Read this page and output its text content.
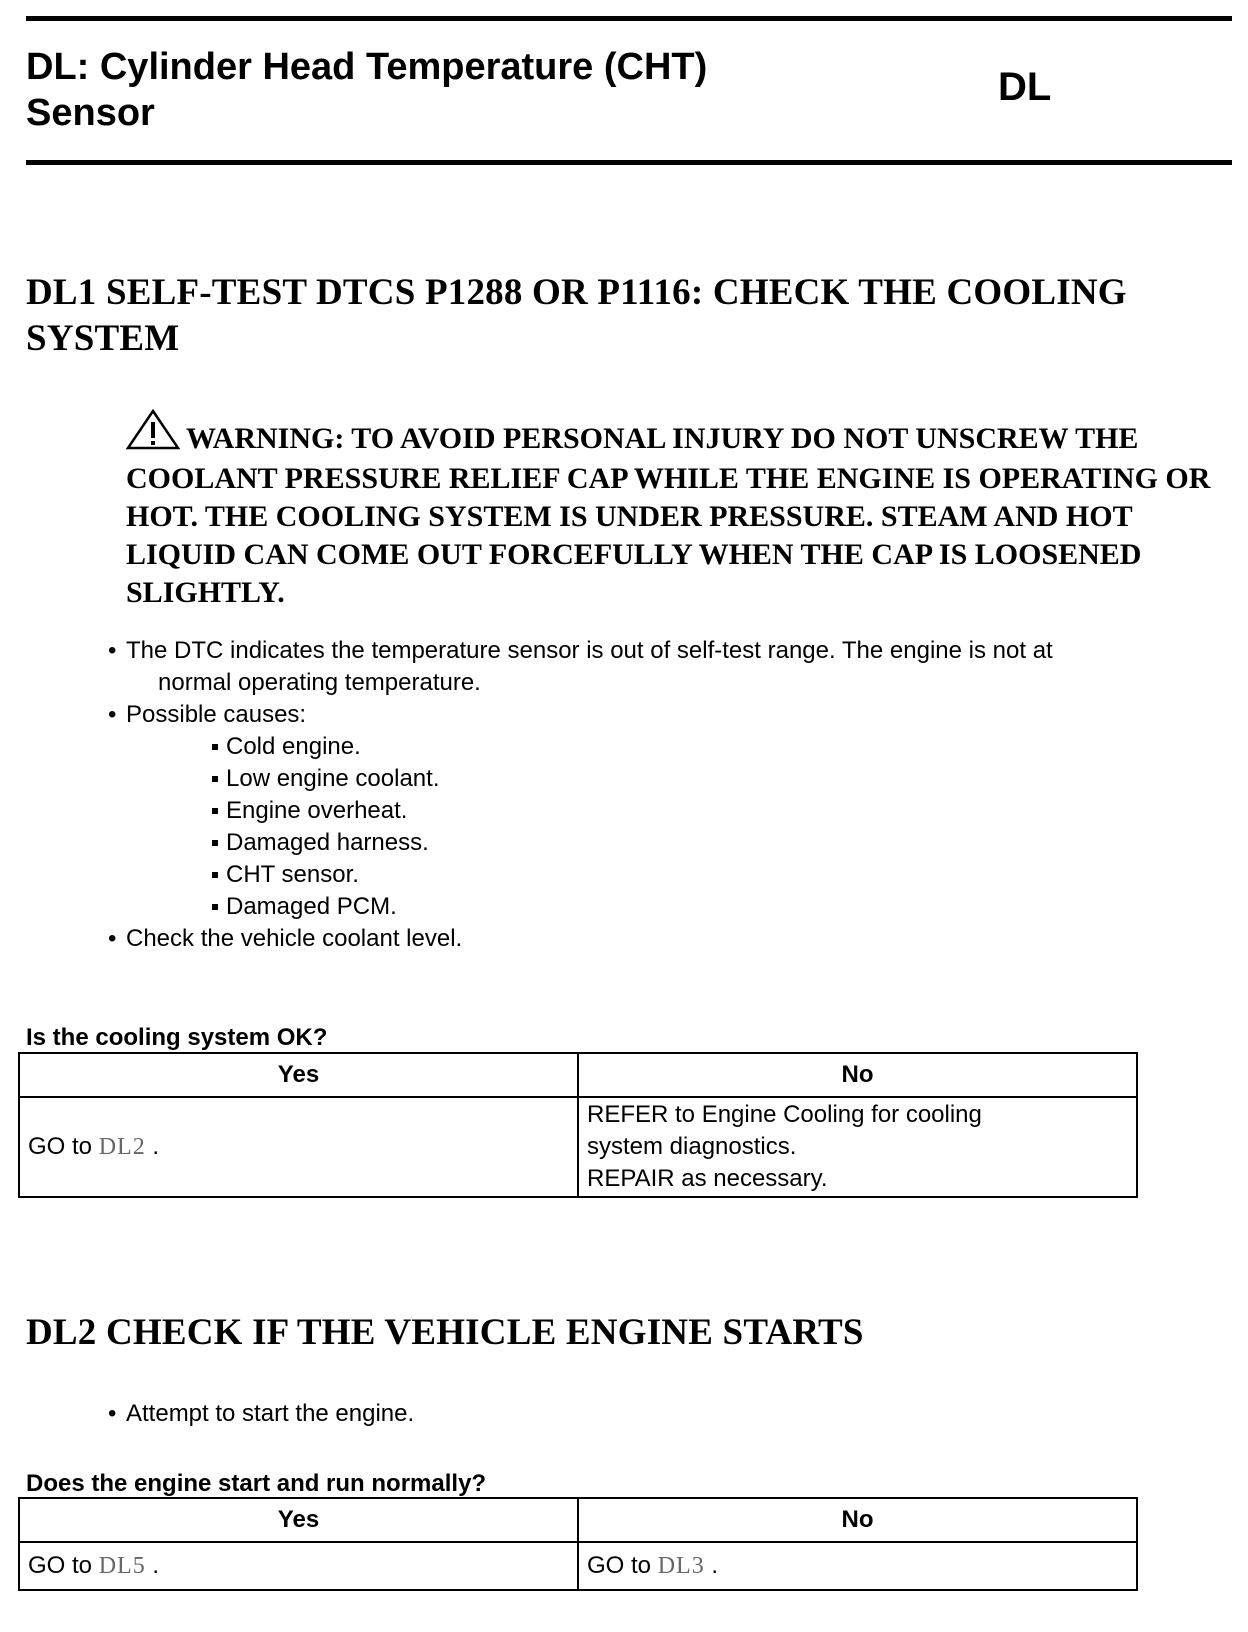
DL: Cylinder Head Temperature (CHT) Sensor
DL
DL1 SELF-TEST DTCS P1288 OR P1116: CHECK THE COOLING SYSTEM
WARNING: TO AVOID PERSONAL INJURY DO NOT UNSCREW THE COOLANT PRESSURE RELIEF CAP WHILE THE ENGINE IS OPERATING OR HOT. THE COOLING SYSTEM IS UNDER PRESSURE. STEAM AND HOT LIQUID CAN COME OUT FORCEFULLY WHEN THE CAP IS LOOSENED SLIGHTLY.
• The DTC indicates the temperature sensor is out of self-test range. The engine is not at
normal operating temperature.
• Possible causes:
Cold engine.
Low engine coolant.
Engine overheat.
Damaged harness.
CHT sensor.
Damaged PCM.
• Check the vehicle coolant level.
Is the cooling system OK?
Yes	No
GO to DL2 .	REFER to Engine Cooling for cooling
system diagnostics.
REPAIR as necessary.
DL2 CHECK IF THE VEHICLE ENGINE STARTS
• Attempt to start the engine.
Does the engine start and run normally?
Yes	No
GO to DL5 .	GO to DL3 .
